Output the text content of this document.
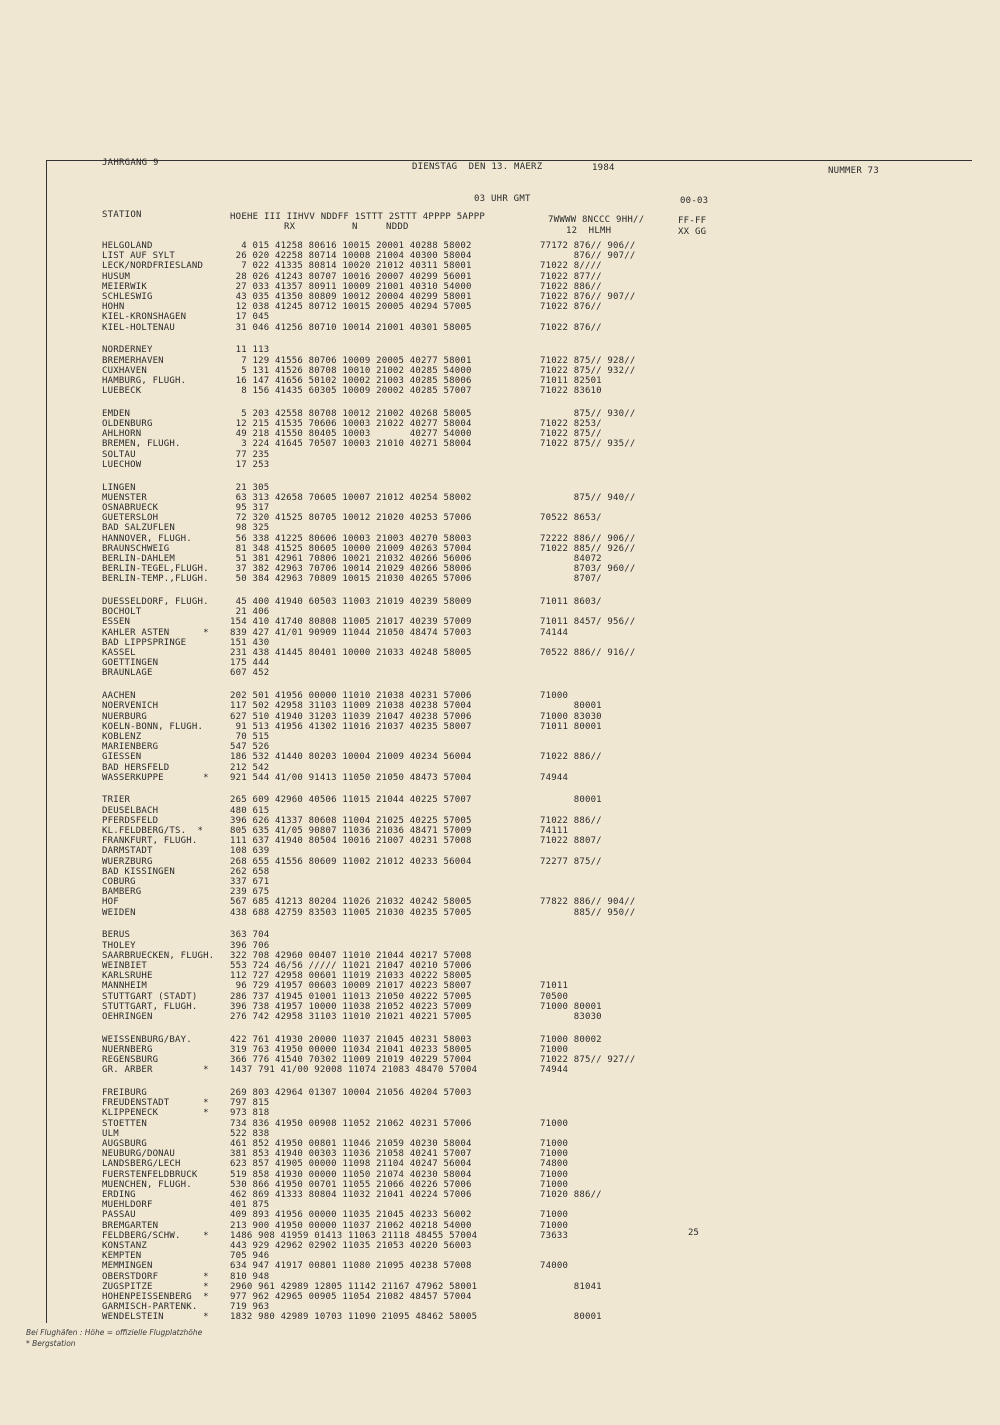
JAHRGANG 9	DIENSTAG  DEN 13. MAERZ	1984	NUMMER 73
03 UHR GMT	00-03
STATION	HOEHE III IIHVV NDDFF 1STTT 2STTT 4PPPP 5APPP
RX          N     NDDD
7WWWW 8NCCC 9HH//
12  HLMH
FF-FF
XX GG
HELGOLAND	4 015 41258 80616 10015 20001 40288 58002	77172 876// 906//
LIST AUF SYLT	26 020 42258 80714 10008 21004 40300 58004	876// 907//
LECK/NORDFRIESLAND	7 022 41335 80814 10020 21012 40311 58001	71022 8////
HUSUM	28 026 41243 80707 10016 20007 40299 56001	71022 877//
MEIERWIK	27 033 41357 80911 10009 21001 40310 54000	71022 886//
SCHLESWIG	43 035 41350 80809 10012 20004 40299 58001	71022 876// 907//
HOHN	12 038 41245 80712 10015 20005 40294 57005	71022 876//
KIEL-KRONSHAGEN	17 045
KIEL-HOLTENAU	31 046 41256 80710 10014 21001 40301 58005	71022 876//
NORDERNEY	11 113
BREMERHAVEN	7 129 41556 80706 10009 20005 40277 58001	71022 875// 928//
CUXHAVEN	5 131 41526 80708 10010 21002 40285 54000	71022 875// 932//
HAMBURG, FLUGH.	16 147 41656 50102 10002 21003 40285 58006	71011 82501
LUEBECK	8 156 41435 60305 10009 20002 40285 57007	71022 83610
EMDEN	5 203 42558 80708 10012 21002 40268 58005	875// 930//
OLDENBURG	12 215 41535 70606 10003 21022 40277 58004	71022 8253/
AHLHORN	49 218 41550 80405 10003       40277 54000	71022 875//
BREMEN, FLUGH.	3 224 41645 70507 10003 21010 40271 58004	71022 875// 935//
SOLTAU	77 235
LUECHOW	17 253
LINGEN	21 305
MUENSTER	63 313 42658 70605 10007 21012 40254 58002	875// 940//
OSNABRUECK	95 317
GUETERSLOH	72 320 41525 80705 10012 21020 40253 57006	70522 8653/
BAD SALZUFLEN	98 325
HANNOVER, FLUGH.	56 338 41225 80606 10003 21003 40270 58003	72222 886// 906//
BRAUNSCHWEIG	81 348 41525 80605 10000 21009 40263 57004	71022 885// 926//
BERLIN-DAHLEM	51 381 42961 70806 10021 21032 40266 56006	84072
BERLIN-TEGEL,FLUGH. 37 382 42963 70706 10014 21029 40266 58006	8703/ 960//
BERLIN-TEMP.,FLUGH. 50 384 42963 70809 10015 21030 40265 57006	8707/
DUESSELDORF, FLUGH. 45 400 41940 60503 11003 21019 40239 58009	71011 8603/
BOCHOLT	21 406
ESSEN	154 410 41740 80808 11005 21017 40239 57009	71011 8457/ 956//
KAHLER ASTEN      * 839 427 41/01 90909 11044 21050 48474 57003	74144
BAD LIPPSPRINGE	151 430
KASSEL	231 438 41445 80401 10000 21033 40248 58005	70522 886// 916//
GOETTINGEN	175 444
BRAUNLAGE	607 452
AACHEN	202 501 41956 00000 11010 21038 40231 57006	71000
NOERVENICH	117 502 42958 31103 11009 21038 40238 57004	80001
NUERBURG	627 510 41940 31203 11039 21047 40238 57006	71000 83030
KOELN-BONN, FLUGH.	91 513 41956 41302 11016 21037 40235 58007	71011 80001
KOBLENZ	70 515
MARIENBERG	547 526
GIESSEN	186 532 41440 80203 10004 21009 40234 56004	71022 886//
BAD HERSFELD	212 542
WASSERKUPPE       * 921 544 41/00 91413 11050 21050 48473 57004	74944
TRIER	265 609 42960 40506 11015 21044 40225 57007	80001
DEUSELBACH	480 615
PFERDSFELD	396 626 41337 80608 11004 21025 40225 57005	71022 886//
KL.FELDBERG/TS.  *	805 635 41/05 90807 11036 21036 48471 57009	74111
FRANKFURT, FLUGH.	111 637 41940 80504 10016 21007 40231 57008	71022 8807/
DARMSTADT	108 639
WUERZBURG	268 655 41556 80609 11002 21012 40233 56004	72277 875//
BAD KISSINGEN	262 658
COBURG	337 671
BAMBERG	239 675
HOF	567 685 41213 80204 11026 21032 40242 58005	77822 886// 904//
WEIDEN	438 688 42759 83503 11005 21030 40235 57005	885// 950//
BERUS	363 704
THOLEY	396 706
SAARBRUECKEN, FLUGH. 322 708 42960 00407 11010 21044 40217 57008
WEINBIET	553 724 46/56 ///// 11021 21047 40210 57006
KARLSRUHE	112 727 42958 00601 11019 21033 40222 58005
MANNHEIM	96 729 41957 00603 10009 21017 40223 58007	71011
STUTTGART (STADT)	286 737 41945 01001 11013 21050 40222 57005	70500
STUTTGART, FLUGH.	396 738 41957 10000 11038 21052 40223 57009	71000 80001
OEHRINGEN	276 742 42958 31103 11010 21021 40221 57005	83030
WEISSENBURG/BAY.	422 761 41930 20000 11037 21045 40231 58003	71000 80002
NUERNBERG	319 763 41950 00000 11034 21041 40233 58005	71000
REGENSBURG	366 776 41540 70302 11009 21019 40229 57004	71022 875// 927//
GR. ARBER         * 1437 791 41/00 92008 11074 21083 48470 57004	74944
FREIBURG	269 803 42964 01307 10004 21056 40204 57003
FREUDENSTADT      * 797 815
KLIPPENECK        * 973 818
STOETTEN	734 836 41950 00908 11052 21062 40231 57006	71000
ULM	522 838
AUGSBURG	461 852 41950 00801 11046 21059 40230 58004	71000
NEUBURG/DONAU	381 853 41940 00303 11036 21058 40241 57007	71000
LANDSBERG/LECH	623 857 41905 00000 11098 21104 40247 56004	74800
FUERSTENFELDBRUCK	519 858 41930 00000 11050 21074 40230 58004	71000
MUENCHEN, FLUGH.	530 866 41950 00701 11055 21066 40226 57006	71000
ERDING	462 869 41333 80804 11032 21041 40224 57006	71020 886//
MUEHLDORF	401 875
PASSAU	409 893 41956 00000 11035 21045 40233 56002	71000
BREMGARTEN	213 900 41950 00000 11037 21062 40218 54000	71000
FELDBERG/SCHW.    * 1486 908 41959 01413 11063 21118 48455 57004	73633
KONSTANZ	443 929 42962 02902 11035 21053 40220 56003
KEMPTEN	705 946
MEMMINGEN	634 947 41917 00801 11080 21095 40238 57008	74000
OBERSTDORF        * 810 948
ZUGSPITZE         * 2960 961 42989 12805 11142 21167 47962 58001	81041
HOHENPEISSENBERG  * 977 962 42965 00905 11054 21082 48457 57004
GARMISCH-PARTENK.	719 963
WENDELSTEIN       * 1832 980 42989 10703 11090 21095 48462 58005	80001
25
Bei Flughäfen : Höhe = offizielle Flugplatzhöhe
* Bergstation
